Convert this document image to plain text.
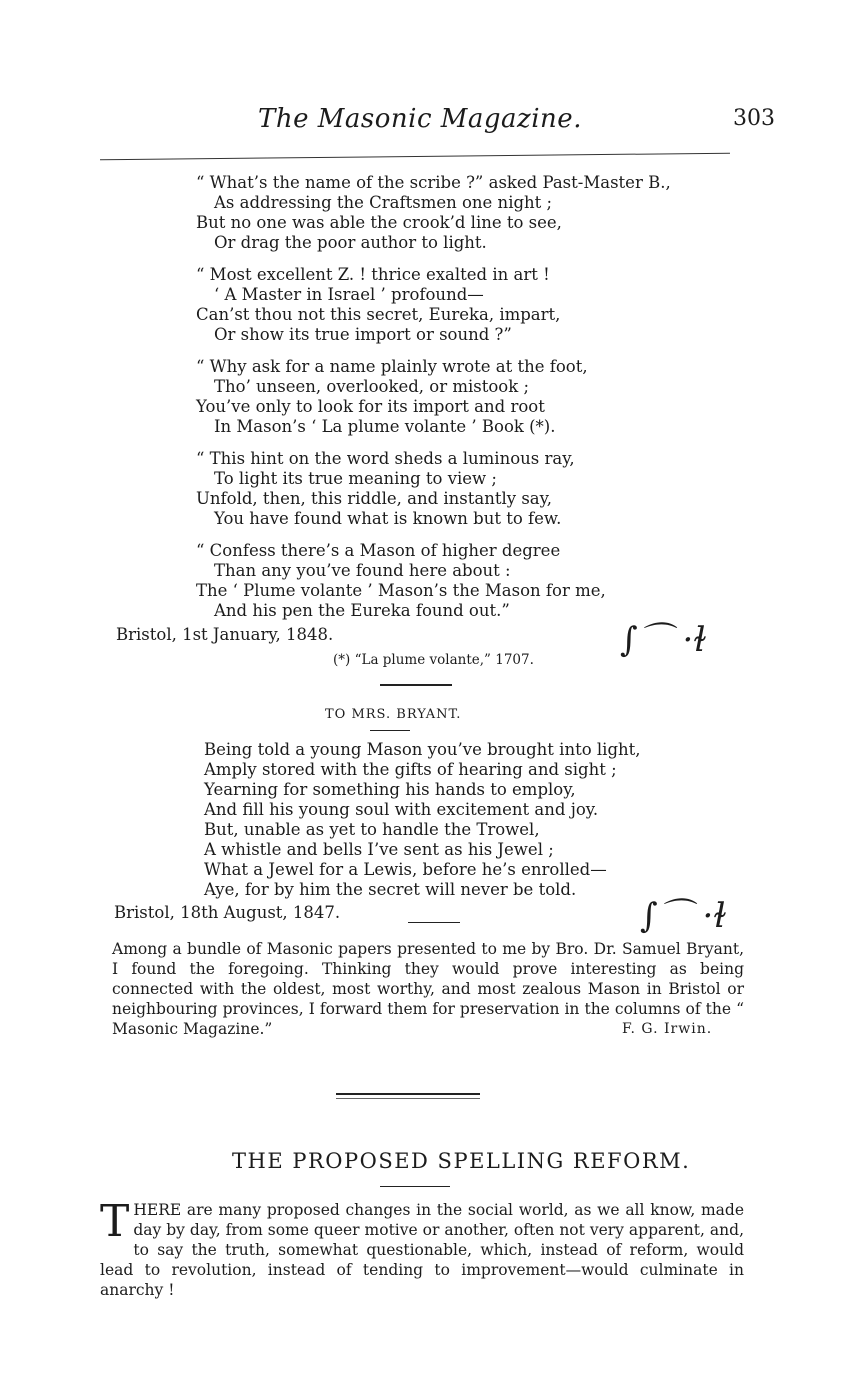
The Masonic Magazine.	303
“ What’s the name of the scribe ?” asked Past-Master B.,
As addressing the Craftsmen one night ;
But no one was able the crook’d line to see,
Or drag the poor author to light.
“ Most excellent Z. ! thrice exalted in art !
‘ A Master in Israel ’ profound—
Can’st thou not this secret, Eureka, impart,
Or show its true import or sound ?”
“ Why ask for a name plainly wrote at the foot,
Tho’ unseen, overlooked, or mistook ;
You’ve only to look for its import and root
In Mason’s ‘ La plume volante ’ Book (*).
“ This hint on the word sheds a luminous ray,
To light its true meaning to view ;
Unfold, then, this riddle, and instantly say,
You have found what is known but to few.
“ Confess there’s a Mason of higher degree
Than any you’ve found here about :
The ‘ Plume volante ’ Mason’s the Mason for me,
And his pen the Eureka found out.”
Bristol, 1st January, 1848.	∫⌒ ·ɫ
(*) “La plume volante,” 1707.
TO MRS. BRYANT.
Being told a young Mason you’ve brought into light,
Amply stored with the gifts of hearing and sight ;
Yearning for something his hands to employ,
And fill his young soul with excitement and joy.
But, unable as yet to handle the Trowel,
A whistle and bells I’ve sent as his Jewel ;
What a Jewel for a Lewis, before he’s enrolled—
Aye, for by him the secret will never be told.
Bristol, 18th August, 1847.	∫⌒ ·ɫ
Among a bundle of Masonic papers presented to me by Bro. Dr. Samuel Bryant, I found the foregoing. Thinking they would prove interesting as being connected with the oldest, most worthy, and most zealous Mason in Bristol or neighbouring provinces, I forward them for preservation in the columns of the “ Masonic Magazine.”	F. G. Irwin.
THE PROPOSED SPELLING REFORM.
THERE are many proposed changes in the social world, as we all know, made day by day, from some queer motive or another, often not very apparent, and, to say the truth, somewhat questionable, which, instead of reform, would lead to revolution, instead of tending to improvement—would culminate in anarchy !
